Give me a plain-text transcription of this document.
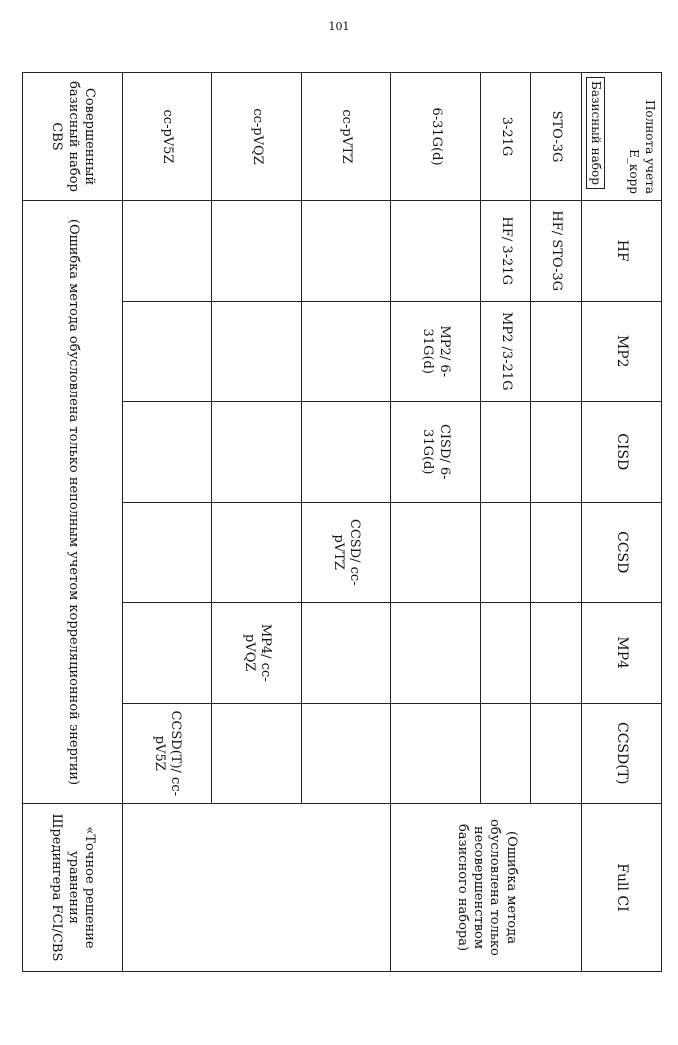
101
Полнота учета E_корр
Базисный набор	HF	MP2	CISD	CCSD	MP4	CCSD(T)	Full CI
STO-3G	HF/ STO-3G						(Ошибка метода обусловлена только несовершенством базисного набора)
3-21G	HF/ 3-21G	MP2 /3-21G					
6-31G(d)		MP2/ 6-31G(d)	CISD/ 6-31G(d)				
cc-pVTZ				CCSD/ cc-pVTZ			
cc-pVQZ					MP4/ cc-pVQZ		
cc-pV5Z						CCSD(T)/ cc-pV5Z	
Совершенный базисный набор CBS	(Ошибка метода обусловлена только неполным учетом корреляционной энергии)						«Точное решение уравнения Шредингера FCI/CBS
